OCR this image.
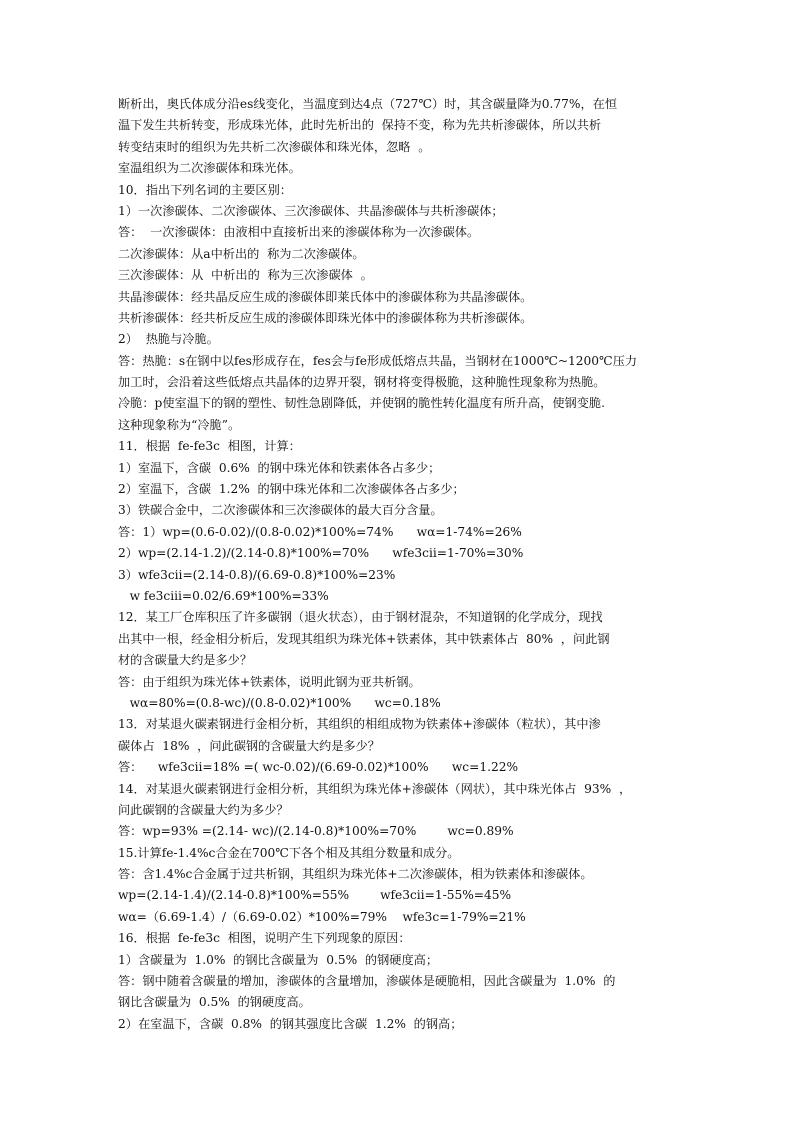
断析出，奥氏体成分沿es线变化，当温度到达4点（727℃）时，其含碳量降为0.77%，在恒
温下发生共析转变，形成珠光体，此时先析出的  保持不变，称为先共析渗碳体，所以共析
转变结束时的组织为先共析二次渗碳体和珠光体，忽略  。
室温组织为二次渗碳体和珠光体。
10．指出下列名词的主要区别：
1）一次渗碳体、二次渗碳体、三次渗碳体、共晶渗碳体与共析渗碳体；
答：  一次渗碳体：由液相中直接析出来的渗碳体称为一次渗碳体。
二次渗碳体：从a中析出的  称为二次渗碳体。
三次渗碳体：从  中析出的  称为三次渗碳体  。
共晶渗碳体：经共晶反应生成的渗碳体即莱氏体中的渗碳体称为共晶渗碳体。
共析渗碳体：经共析反应生成的渗碳体即珠光体中的渗碳体称为共析渗碳体。
2）  热脆与冷脆。
答：热脆：s在钢中以fes形成存在，fes会与fe形成低熔点共晶，当钢材在1000℃~1200℃压力
加工时，会沿着这些低熔点共晶体的边界开裂，钢材将变得极脆，这种脆性现象称为热脆。
冷脆：p使室温下的钢的塑性、韧性急剧降低，并使钢的脆性转化温度有所升高，使钢变脆.
这种现象称为“冷脆”。
11．根据  fe-fe3c  相图，计算：
1）室温下，含碳  0.6%  的钢中珠光体和铁素体各占多少；
2）室温下，含碳  1.2%  的钢中珠光体和二次渗碳体各占多少；
3）铁碳合金中，二次渗碳体和三次渗碳体的最大百分含量。
答：1）wp=(0.6-0.02)/(0.8-0.02)*100%=74%      wα=1-74%=26%
2）wp=(2.14-1.2)/(2.14-0.8)*100%=70%      wfe3cⅱ=1-70%=30%
3）wfe3cⅱ=(2.14-0.8)/(6.69-0.8)*100%=23%
w fe3cⅲ=0.02/6.69*100%=33%
12．某工厂仓库积压了许多碳钢（退火状态），由于钢材混杂，不知道钢的化学成分，现找
出其中一根，经金相分析后，发现其组织为珠光体+铁素体，其中铁素体占  80%  ，问此钢
材的含碳量大约是多少？
答：由于组织为珠光体+铁素体，说明此钢为亚共析钢。
wα=80%=(0.8-wc)/(0.8-0.02)*100%      wc=0.18%
13．对某退火碳素钢进行金相分析，其组织的相组成物为铁素体+渗碳体（粒状），其中渗
碳体占  18%  ，问此碳钢的含碳量大约是多少？
答：    wfe3cⅱ=18% =( wc-0.02)/(6.69-0.02)*100%      wc=1.22%
14．对某退火碳素钢进行金相分析，其组织为珠光体+渗碳体（网状），其中珠光体占  93%  ，
问此碳钢的含碳量大约为多少？
答：wp=93% =(2.14- wc)/(2.14-0.8)*100%=70%        wc=0.89%
15.计算fe-1.4%c合金在700℃下各个相及其组分数量和成分。
答：含1.4%c合金属于过共析钢，其组织为珠光体+二次渗碳体，相为铁素体和渗碳体。
wp=(2.14-1.4)/(2.14-0.8)*100%=55%        wfe3cⅱ=1-55%=45%
wα=（6.69-1.4）/（6.69-0.02）*100%=79%    wfe3c=1-79%=21%
16．根据  fe-fe3c  相图，说明产生下列现象的原因：
1）含碳量为  1.0%  的钢比含碳量为  0.5%  的钢硬度高；
答：钢中随着含碳量的增加，渗碳体的含量增加，渗碳体是硬脆相，因此含碳量为  1.0%  的
钢比含碳量为  0.5%  的钢硬度高。
2）在室温下，含碳  0.8%  的钢其强度比含碳  1.2%  的钢高；
